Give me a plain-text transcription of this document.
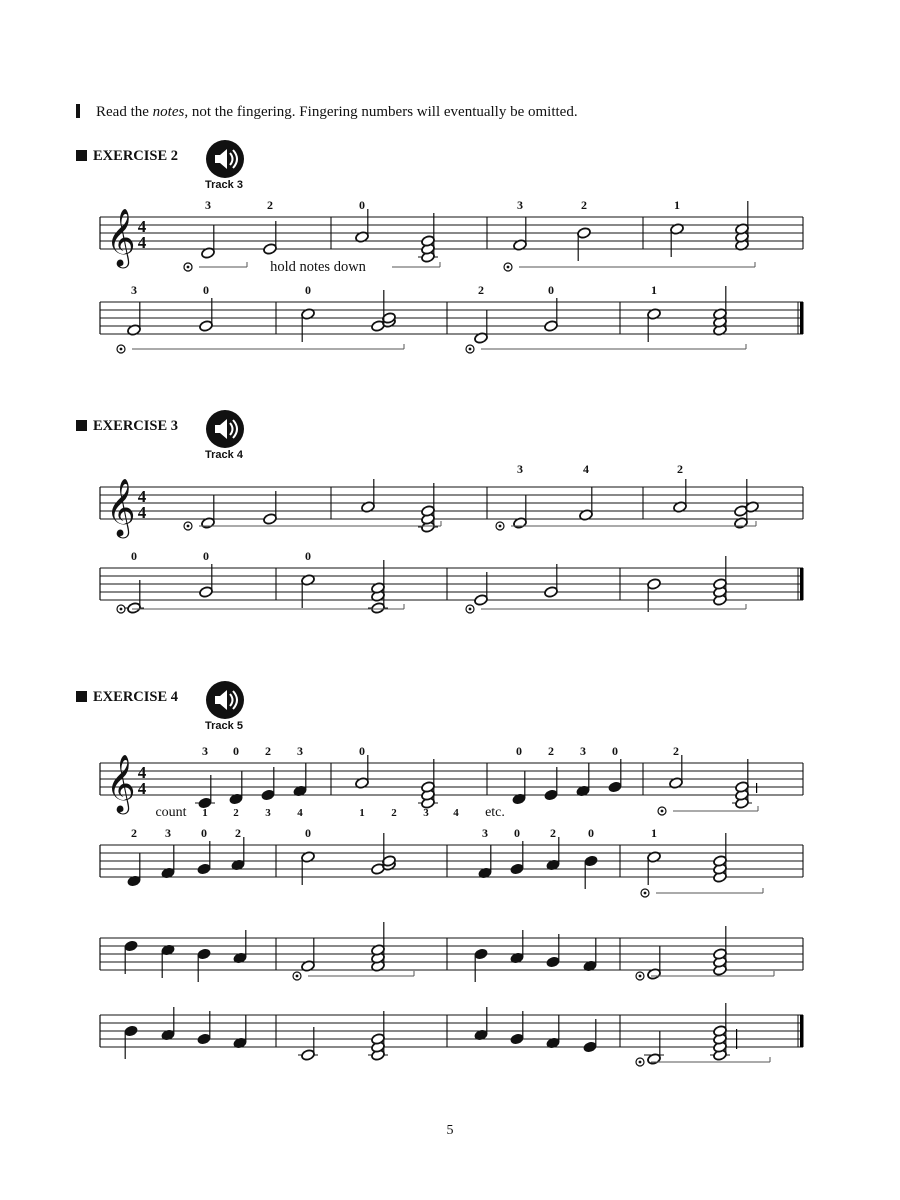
Read the notes, not the fingering. Fingering numbers will eventually be omitted.
EXERCISE 2
Track 3
EXERCISE 3
Track 4
EXERCISE 4
Track 5
𝄞 4
4
3	2	0	3	2	1
hold notes down
3	0	0	2	0	1
𝄞 4
4
3	4	2
0	0	0
𝄞 4
4
3 0 2 3	0	0 2 3 0	2
count 1 2 3 4	1 2 3 4 etc.
2 3	0 2	0	3 0	2	0	1
5
